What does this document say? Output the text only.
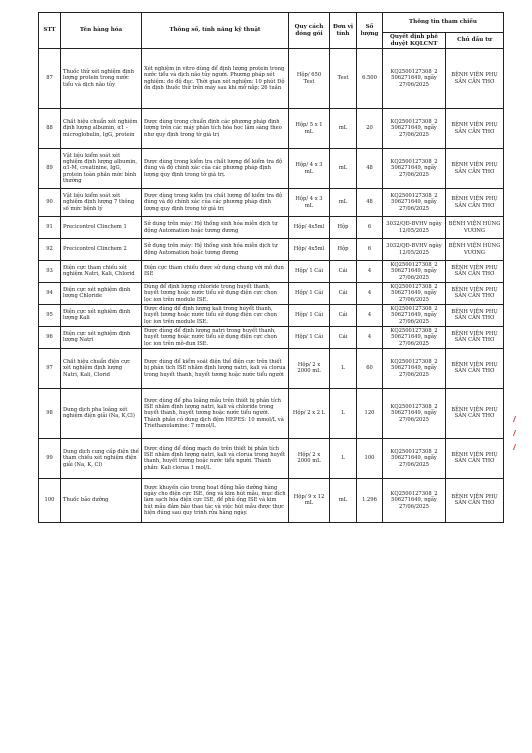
STT	Tên hàng hóa	Thông số, tính năng kỹ thuật	Quy cách đóng gói	Đơn vị tính	Số lượng	Thông tin tham chiếu	
						Quyết định phê duyệt KQLCNT	Chủ đầu tư
87	Thuốc thử xét nghiệm định lượng protein trong nước tiểu và dịch não tủy	Xét nghiệm in vitro dùng để định lượng protein trong nước tiểu và dịch não tủy người. Phương pháp xét nghiệm: đo độ đục. Thời gian xét nghiệm: 10 phút Độ ổn định thuốc thử trên máy sau khi mở nắp: 26 tuần	Hộp/ 650 Test	Test	6.500	KQ2500127308_2 506271649, ngày 27/06/2025	BỆNH VIỆN PHỤ SẢN CẦN THƠ
88	Chất hiệu chuẩn xét nghiệm định lượng albumin, α1 - microglobulin, IgG, protein	Được dùng trong chuẩn định các phương pháp định lượng trên các máy phân tích hóa học lâm sàng theo như quy định trong tờ giá trị	Hộp/ 5 x 1 mL	mL	20	KQ2500127308_2 506271649, ngày 27/06/2025	BỆNH VIỆN PHỤ SẢN CẦN THƠ
89	Vật liệu kiểm soát xét nghiệm định lượng albumin, α1-M, creatinine, IgG, protein toàn phần mức bình thường	Được dùng trong kiểm tra chất lượng để kiểm tra độ đúng và độ chính xác của các phương pháp định lượng quy định trong tờ giá trị.	Hộp/ 4 x 3 mL	mL	48	KQ2500127308_2 506271649, ngày 27/06/2025	BỆNH VIỆN PHỤ SẢN CẦN THƠ
90	Vật liệu kiểm soát xét nghiệm định lượng 7 thông số mức bệnh lý	Được dùng trong kiểm tra chất lượng để kiểm tra độ đúng và độ chính xác của các phương pháp định lượng quy định trong tờ giá trị	Hộp/ 4 x 3 mL	mL	48	KQ2500127308_2 506271649, ngày 27/06/2025	BỆNH VIỆN PHỤ SẢN CẦN THƠ
91	Precicontrol Clinchem 1	Sử dụng trên máy: Hệ thống sinh hóa miễn dịch tự động Automation hoặc tương đương	Hộp/ 4x5ml	Hộp	6	3032/QĐ-BVHV ngày 12/05/2025	BỆNH VIỆN HÙNG VƯƠNG
92	Precicontrol Clinchem 2	Sử dụng trên máy: Hệ thống sinh hóa miễn dịch tự động Automation hoặc tương đương	Hộp/ 4x5ml	Hộp	6	3032/QĐ-BVHV ngày 12/05/2025	BỆNH VIỆN HÙNG VƯƠNG
93	Điện cực tham chiếu xét nghiệm Natri, Kali, Chlorid	Điện cực tham chiếu được sử dụng chung với mô đun ISE	Hộp/ 1 Cái	Cái	4	KQ2500127308_2 506271649, ngày 27/06/2025	BỆNH VIỆN PHỤ SẢN CẦN THƠ
94	Điện cực xét nghiệm định lượng Chloride	Dùng để định lượng chloride trong huyết thanh, huyết tương hoặc nước tiểu sử dụng điện cực chọn lọc ion trên module ISE.	Hộp/ 1 Cái	Cái	4	KQ2500127308_2 506271649, ngày 27/06/2025	BỆNH VIỆN PHỤ SẢN CẦN THƠ
95	Điện cực xét nghiệm định lượng Kali	Được dùng để định lượng kali trong huyết thanh, huyết tương hoặc nước tiểu sử dụng điện cực chọn lọc ion trên module ISE.	Hộp/ 1 Cái	Cái	4	KQ2500127308_2 506271649, ngày 27/06/2025	BỆNH VIỆN PHỤ SẢN CẦN THƠ
96	Điện cực xét nghiệm định lượng Natri	Được dùng để định lượng natri trong huyết thanh, huyết tương hoặc nước tiểu sử dụng điện cực chọn lọc ion trên mô-đun ISE.	Hộp/ 1 Cái	Cái	4	KQ2500127308_2 506271649, ngày 27/06/2025	BỆNH VIỆN PHỤ SẢN CẦN THƠ
97	Chất hiệu chuẩn điện cực xét nghiệm định lượng Natri, Kali, Clorid	Được dùng để kiểm soát điện thế điện cực trên thiết bị phân tích ISE nhằm định lượng natri, kali và clorua trong huyết thanh, huyết tương hoặc nước tiểu người	Hộp/ 2 x 2000 mL	L	60	KQ2500127308_2 506271649, ngày 27/06/2025	BỆNH VIỆN PHỤ SẢN CẦN THƠ
98	Dung dịch pha loãng xét nghiệm điện giải (Na, K,Cl)	Được dùng để pha loãng mẫu trên thiết bị phân tích ISE nhằm định lượng natri, kali và chloride trong huyết thanh, huyết tương hoặc nước tiểu người. Thành phần có dung dịch đệm HEPES: 10 mmol/L và Triethanolamine: 7 mmol/L	Hộp/ 2 x 2 L	L	120	KQ2500127308_2 506271649, ngày 27/06/2025	BỆNH VIỆN PHỤ SẢN CẦN THƠ
99	Dung dịch cung cấp điện thế tham chiếu xét nghiệm điện giải (Na, K, Cl)	Được dùng để đóng mạch đo trên thiết bị phân tích ISE nhằm định lượng natri, kali và clorua trong huyết thanh, huyết tương hoặc nước tiểu người. Thành phần: Kali clorua 1 mol/L	Hộp/ 2 x 2000 mL	L	100	KQ2500127308_2 506271649, ngày 27/06/2025	BỆNH VIỆN PHỤ SẢN CẦN THƠ
100	Thuốc bảo dưỡng	Được khuyến cáo trong hoạt động bảo dưỡng hàng ngày cho điện cực ISE, ống và kim hút mẫu, mục đích làm sạch hóa điện cực ISE, để phủ ống ISE và kim hút mẫu đảm bảo thao tác và việc hút mẫu được thực hiện đúng sau quy trình rửa hàng ngày.	Hộp/ 9 x 12 mL	mL	1.296	KQ2500127308_2 506271649, ngày 27/06/2025	BỆNH VIỆN PHỤ SẢN CẦN THƠ
